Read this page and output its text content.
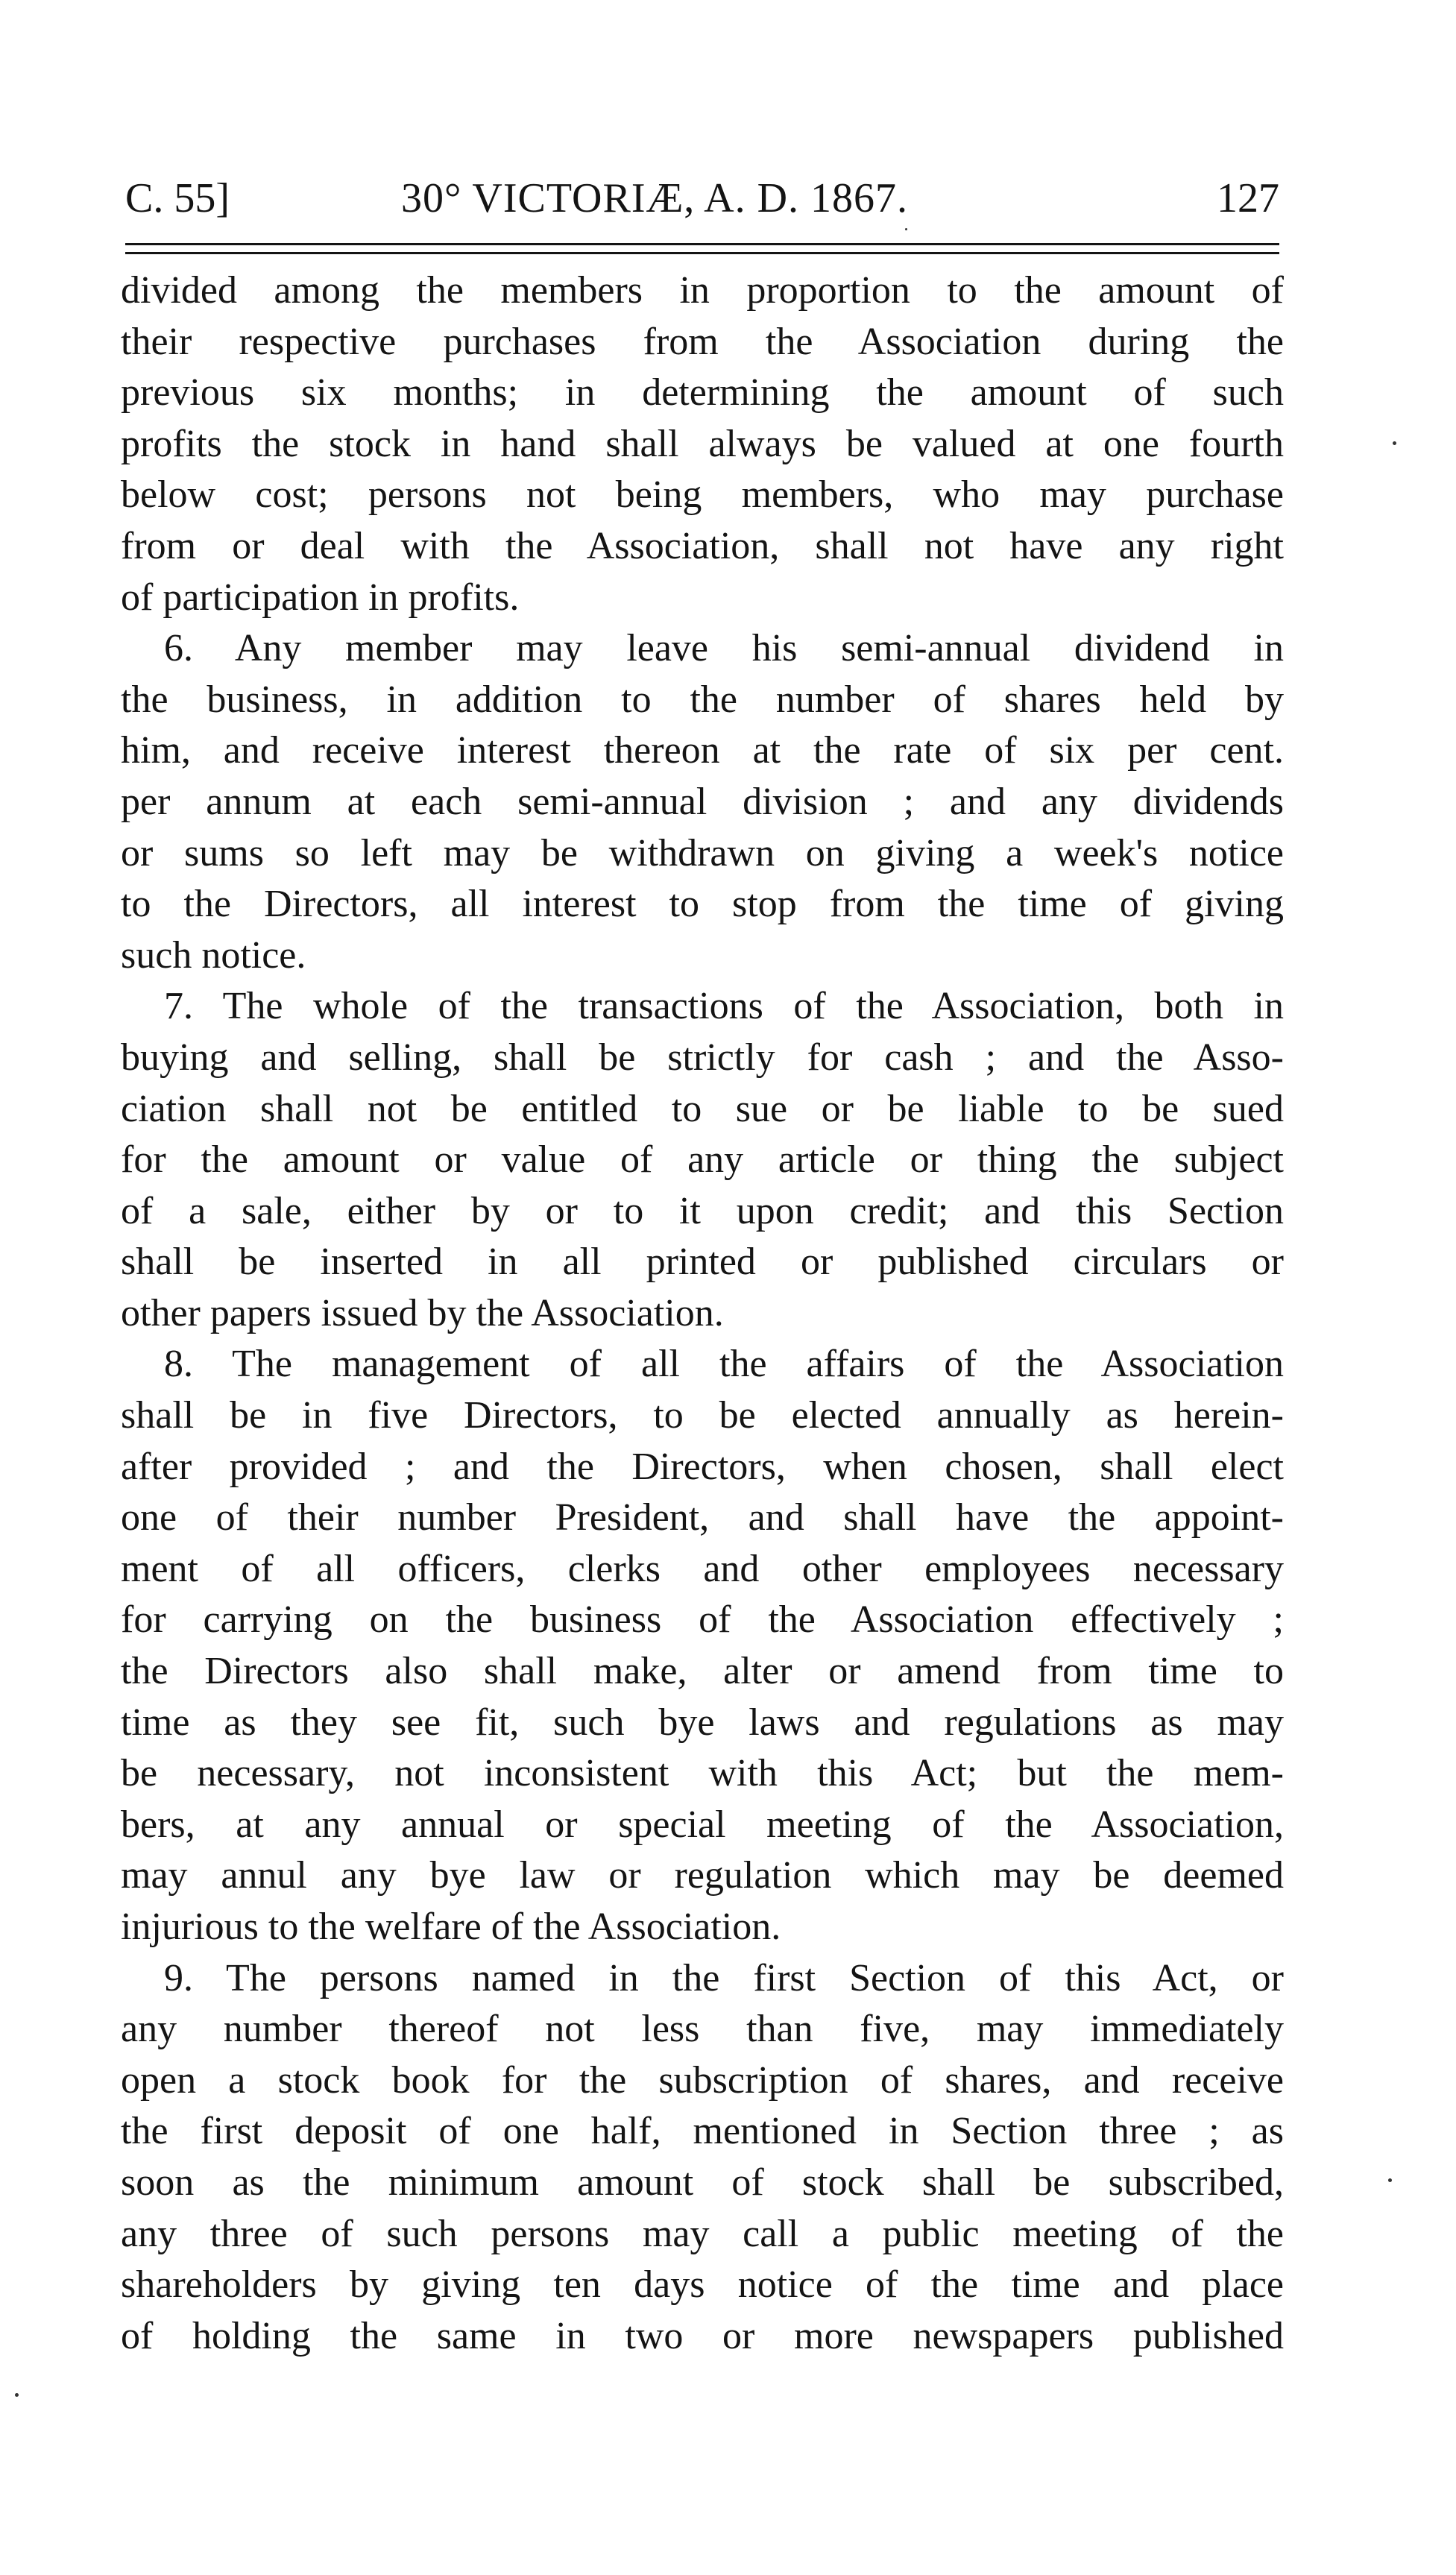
C. 55]	30° VICTORIÆ, A. D. 1867.	127
divided among the members in proportion to the amount of
their respective purchases from the Association during the
previous six months; in determining the amount of such
profits the stock in hand shall always be valued at one fourth
below cost; persons not being members, who may purchase
from or deal with the Association, shall not have any right
of participation in profits.
6. Any member may leave his semi-annual dividend in
the business, in addition to the number of shares held by
him, and receive interest thereon at the rate of six per cent.
per annum at each semi-annual division ; and any dividends
or sums so left may be withdrawn on giving a week's notice
to the Directors, all interest to stop from the time of giving
such notice.
7. The whole of the transactions of the Association, both in
buying and selling, shall be strictly for cash ; and the Asso-
ciation shall not be entitled to sue or be liable to be sued
for the amount or value of any article or thing the subject
of a sale, either by or to it upon credit; and this Section
shall be inserted in all printed or published circulars or
other papers issued by the Association.
8. The management of all the affairs of the Association
shall be in five Directors, to be elected annually as herein-
after provided ; and the Directors, when chosen, shall elect
one of their number President, and shall have the appoint-
ment of all officers, clerks and other employees necessary
for carrying on the business of the Association effectively ;
the Directors also shall make, alter or amend from time to
time as they see fit, such bye laws and regulations as may
be necessary, not inconsistent with this Act; but the mem-
bers, at any annual or special meeting of the Association,
may annul any bye law or regulation which may be deemed
injurious to the welfare of the Association.
9. The persons named in the first Section of this Act, or
any number thereof not less than five, may immediately
open a stock book for the subscription of shares, and receive
the first deposit of one half, mentioned in Section three ; as
soon as the minimum amount of stock shall be subscribed,
any three of such persons may call a public meeting of the
shareholders by giving ten days notice of the time and place
of holding the same in two or more newspapers published
